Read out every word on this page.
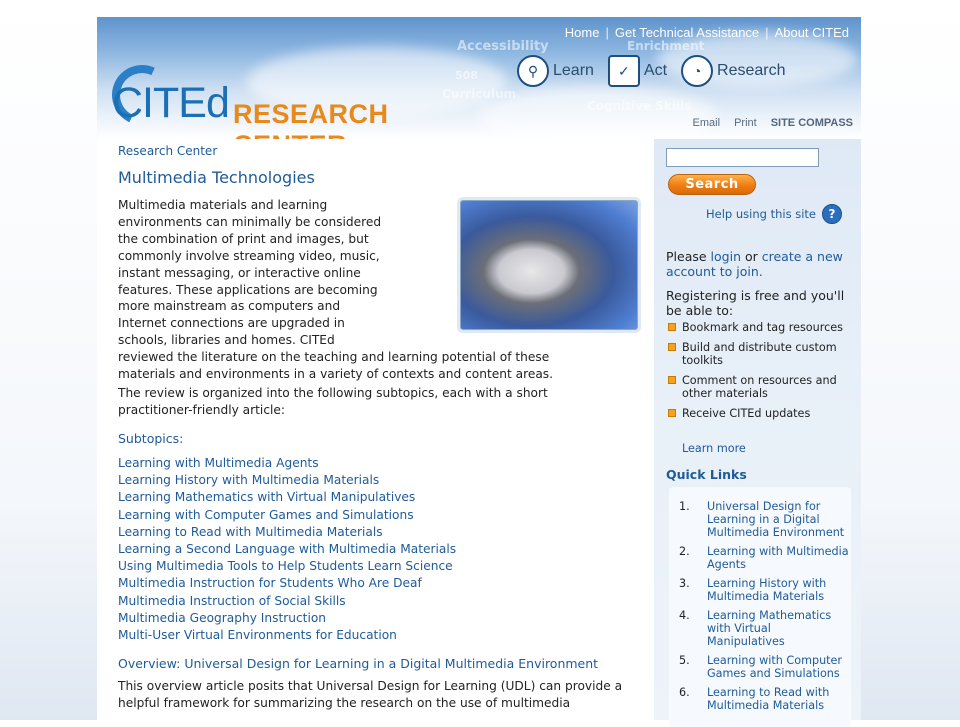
Accessibility	Enrichment
508
Curriculum
Cognitive Skills
Home | Get Technical Assistance | About CITEd
⚲ Learn	✓ Act	◔ Research
CITEd RESEARCH	Email Print SITE COMPASS
Research Center
Multimedia Technologies
Multimedia materials and learning environments can minimally be considered the combination of print and images, but commonly involve streaming video, music, instant messaging, or interactive online features. These applications are becoming more mainstream as computers and Internet connections are upgraded in schools, libraries and homes. CITEd reviewed the literature on the teaching and learning potential of these materials and environments in a variety of contexts and content areas.
The review is organized into the following subtopics, each with a short practitioner-friendly article:
Subtopics:
Learning with Multimedia Agents
Learning History with Multimedia Materials
Learning Mathematics with Virtual Manipulatives
Learning with Computer Games and Simulations
Learning to Read with Multimedia Materials
Learning a Second Language with Multimedia Materials
Using Multimedia Tools to Help Students Learn Science
Multimedia Instruction for Students Who Are Deaf
Multimedia Instruction of Social Skills
Multimedia Geography Instruction
Multi-User Virtual Environments for Education
Overview: Universal Design for Learning in a Digital Multimedia Environment
This overview article posits that Universal Design for Learning (UDL) can provide a helpful framework for summarizing the research on the use of multimedia
Search
Help using this site	?
Please login or create a new account to join.
Registering is free and you'll be able to:
Bookmark and tag resources
Build and distribute custom toolkits
Comment on resources and other materials
Receive CITEd updates
Learn more
Quick Links
1.	Universal Design for Learning in a Digital Multimedia Environment
2.	Learning with Multimedia Agents
3.	Learning History with Multimedia Materials
4.	Learning Mathematics with Virtual Manipulatives
5.	Learning with Computer Games and Simulations
6.	Learning to Read with Multimedia Materials
